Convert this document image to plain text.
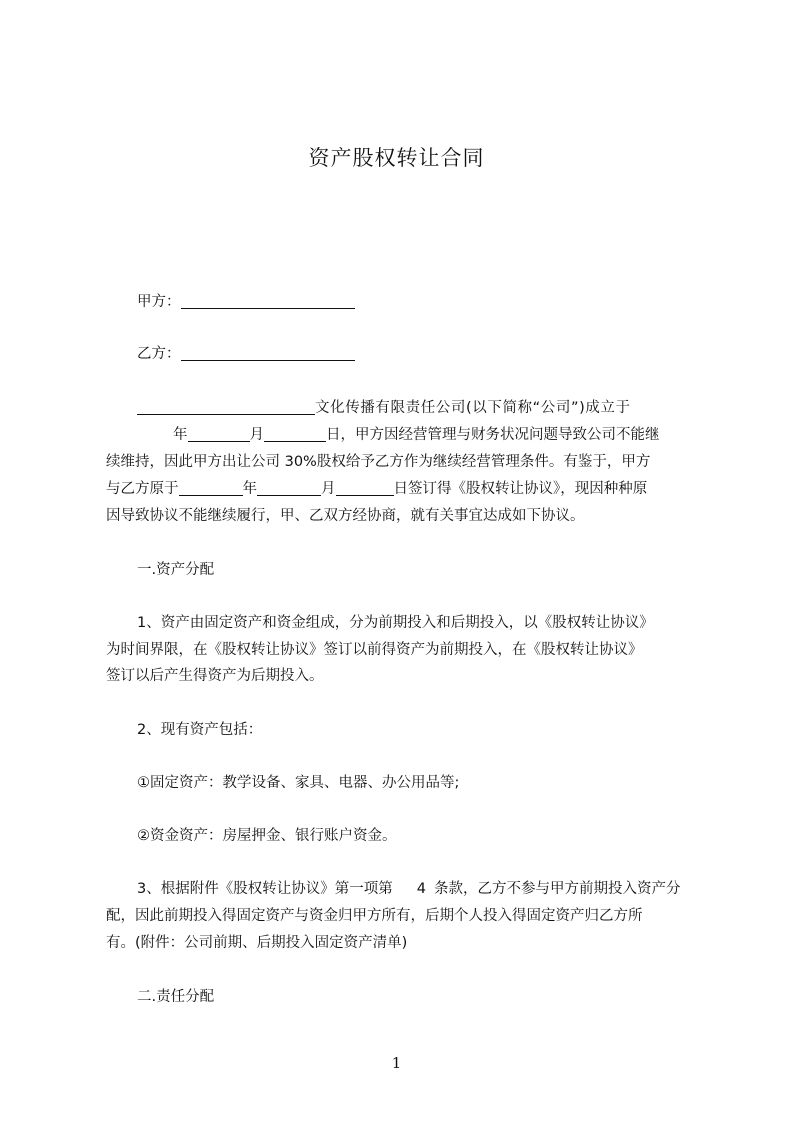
资产股权转让合同
甲方：
乙方：
文化传播有限责任公司(以下简称“公司”)成立于
年	月	日，甲方因经营管理与财务状况问题导致公司不能继
续维持，因此甲方出让公司 30%股权给予乙方作为继续经营管理条件。有鉴于，甲方
与乙方原于	年	月	日签订得《股权转让协议》，现因种种原
因导致协议不能继续履行，甲、乙双方经协商，就有关事宜达成如下协议。
一.资产分配
1、资产由固定资产和资金组成，分为前期投入和后期投入，以《股权转让协议》
为时间界限，在《股权转让协议》签订以前得资产为前期投入，在《股权转让协议》
签订以后产生得资产为后期投入。
2、现有资产包括：
①固定资产：教学设备、家具、电器、办公用品等;
②资金资产：房屋押金、银行账户资金。
3、根据附件《股权转让协议》第一项第 4 条款，乙方不参与甲方前期投入资产分
配，因此前期投入得固定资产与资金归甲方所有，后期个人投入得固定资产归乙方所
有。(附件：公司前期、后期投入固定资产清单)
二.责任分配
1
